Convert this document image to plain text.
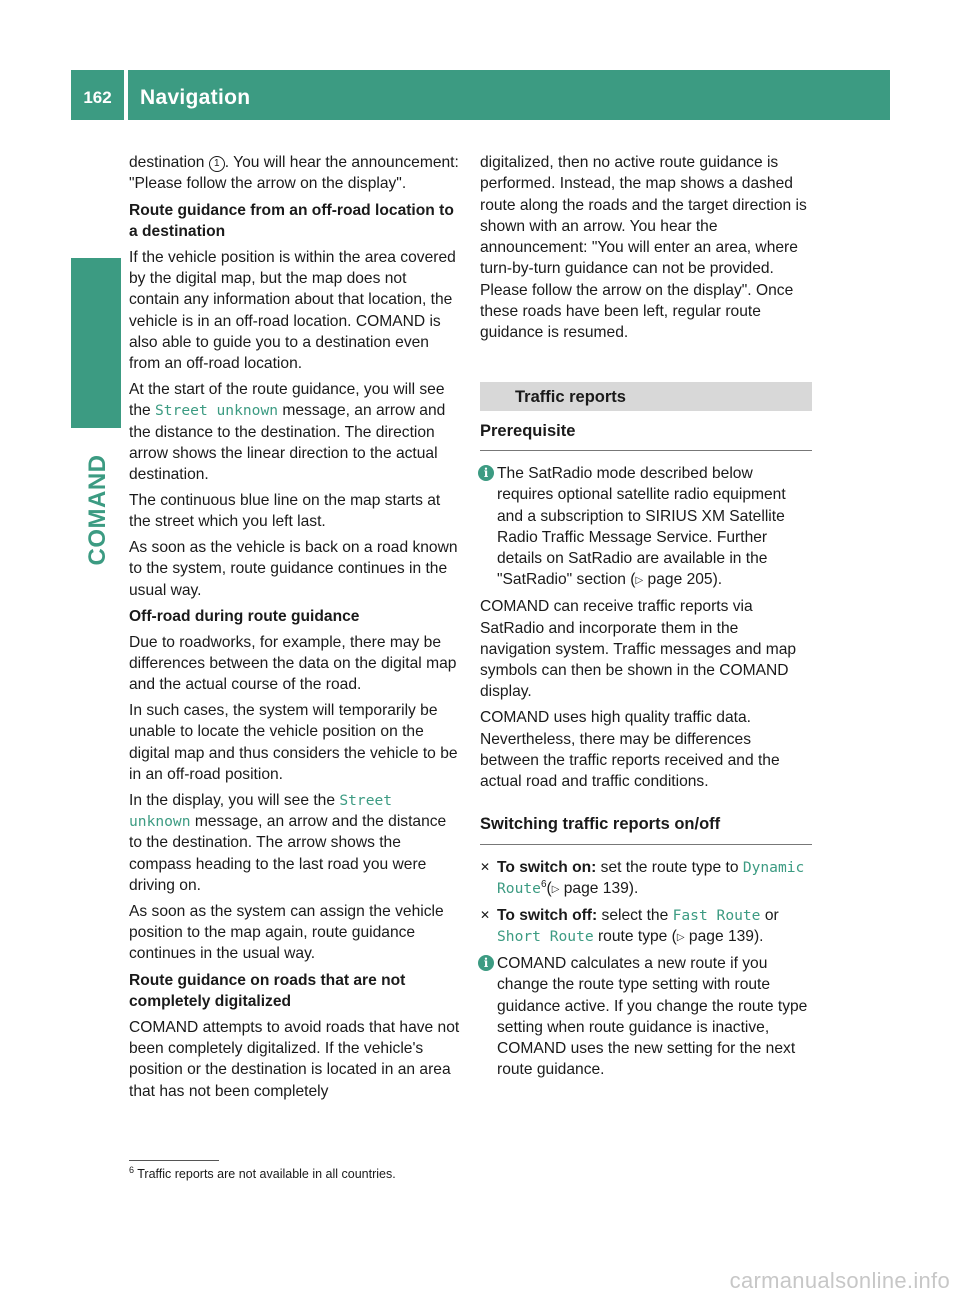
162	Navigation
COMAND

destination 1 . You will hear the announcement: "Please follow the arrow on the display".

Route guidance from an off-road location to a destination

If the vehicle position is within the area covered by the digital map, but the map does not contain any information about that location, the vehicle is in an off-road location. COMAND is also able to guide you to a destination even from an off-road location.

At the start of the route guidance, you will see the Street unknown message, an arrow and the distance to the destination. The direction arrow shows the linear direction to the actual destination.

The continuous blue line on the map starts at the street which you left last.

As soon as the vehicle is back on a road known to the system, route guidance continues in the usual way.

Off-road during route guidance

Due to roadworks, for example, there may be differences between the data on the digital map and the actual course of the road.

In such cases, the system will temporarily be unable to locate the vehicle position on the digital map and thus considers the vehicle to be in an off-road position.

In the display, you will see the Street unknown message, an arrow and the distance to the destination. The arrow shows the compass heading to the last road you were driving on.

As soon as the system can assign the vehicle position to the map again, route guidance continues in the usual way.

Route guidance on roads that are not completely digitalized

COMAND attempts to avoid roads that have not been completely digitalized. If the vehicle's position or the destination is located in an area that has not been completely

digitalized, then no active route guidance is performed. Instead, the map shows a dashed route along the roads and the target direction is shown with an arrow. You hear the announcement: "You will enter an area, where turn-by-turn guidance can not be provided. Please follow the arrow on the display". Once these roads have been left, regular route guidance is resumed.

Traffic reports
Prerequisite

i The SatRadio mode described below requires optional satellite radio equipment and a subscription to SIRIUS XM Satellite Radio Traffic Message Service. Further details on SatRadio are available in the "SatRadio" section (▷ page 205).

COMAND can receive traffic reports via SatRadio and incorporate them in the navigation system. Traffic messages and map symbols can then be shown in the COMAND display.

COMAND uses high quality traffic data. Nevertheless, there may be differences between the traffic reports received and the actual road and traffic conditions.

Switching traffic reports on/off

✕ To switch on: set the route type to Dynamic Route$^6$(▷ page 139).

✕ To switch off: select the Fast Route or Short Route route type (▷ page 139).

i COMAND calculates a new route if you change the route type setting with route guidance active. If you change the route type setting when route guidance is inactive, COMAND uses the new setting for the next route guidance.

$^6$ Traffic reports are not available in all countries.
carmanualsonline.info
